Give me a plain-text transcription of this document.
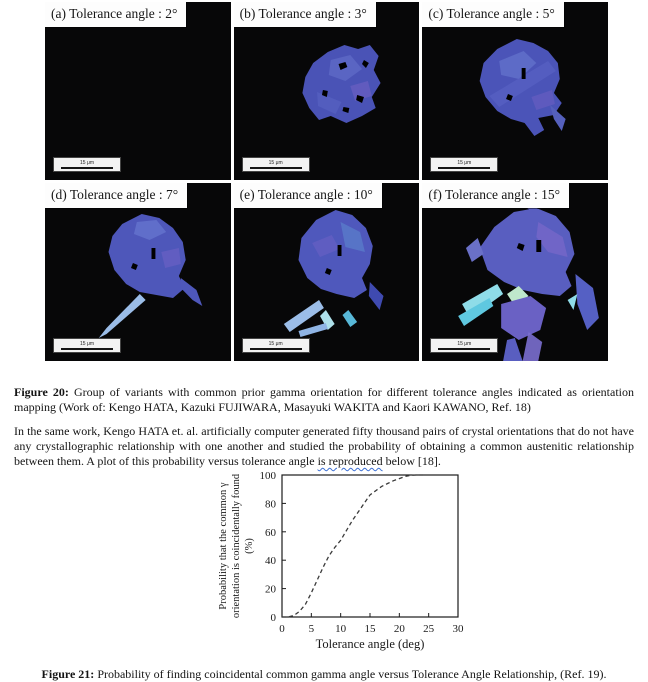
(a) Tolerance angle : 2°
15 μm
(b) Tolerance angle : 3°
15 μm
(c) Tolerance angle : 5°
15 μm
(d) Tolerance angle : 7°
15 μm
(e) Tolerance angle : 10°
15 μm
(f) Tolerance angle : 15°
15 μm

Figure 20: Group of variants with common prior gamma orientation for different tolerance angles indicated as orientation mapping (Work of: Kengo HATA, Kazuki FUJIWARA, Masayuki WAKITA and Kaori KAWANO, Ref. 18)

In the same work, Kengo HATA et. al. artificially computer generated fifty thousand pairs of crystal orientations that do not have any crystallographic relationship with one another and studied the probability of obtaining a common austenitic relationship between them. A plot of this probability versus tolerance angle is reproduced below [18].

0 5 10 15 20 25 30
0
20
40
60
80
100
Tolerance angle (deg)
Probability that the common γ orientation is coincidentally found (%)

Figure 21: Probability of finding coincidental common gamma angle versus Tolerance Angle Relationship, (Ref. 19).
